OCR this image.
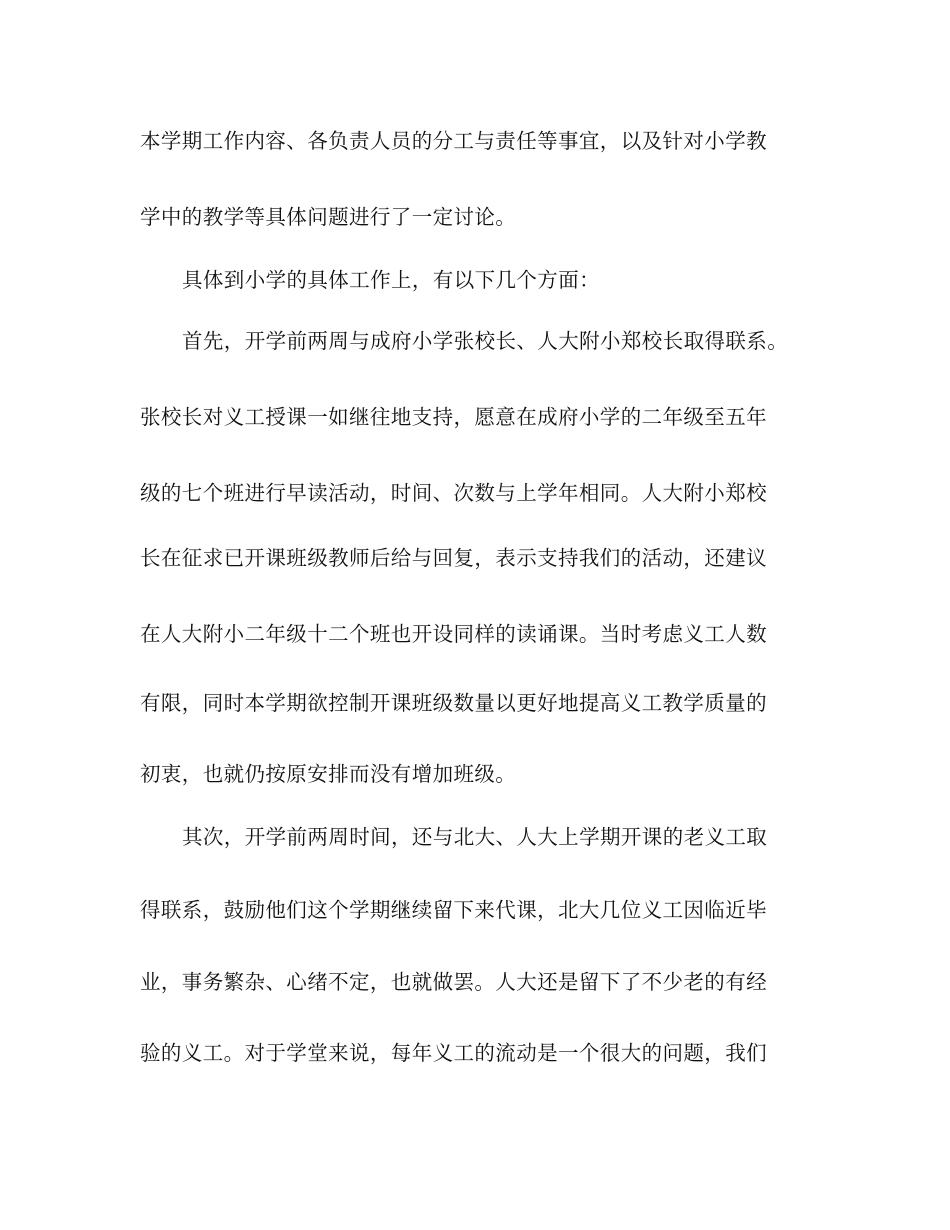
本学期工作内容、各负责人员的分工与责任等事宜，以及针对小学教
学中的教学等具体问题进行了一定讨论。
具体到小学的具体工作上，有以下几个方面：
首先，开学前两周与成府小学张校长、人大附小郑校长取得联系。
张校长对义工授课一如继往地支持，愿意在成府小学的二年级至五年
级的七个班进行早读活动，时间、次数与上学年相同。人大附小郑校
长在征求已开课班级教师后给与回复，表示支持我们的活动，还建议
在人大附小二年级十二个班也开设同样的读诵课。当时考虑义工人数
有限，同时本学期欲控制开课班级数量以更好地提高义工教学质量的
初衷，也就仍按原安排而没有增加班级。
其次，开学前两周时间，还与北大、人大上学期开课的老义工取
得联系，鼓励他们这个学期继续留下来代课，北大几位义工因临近毕
业，事务繁杂、心绪不定，也就做罢。人大还是留下了不少老的有经
验的义工。对于学堂来说，每年义工的流动是一个很大的问题，我们
